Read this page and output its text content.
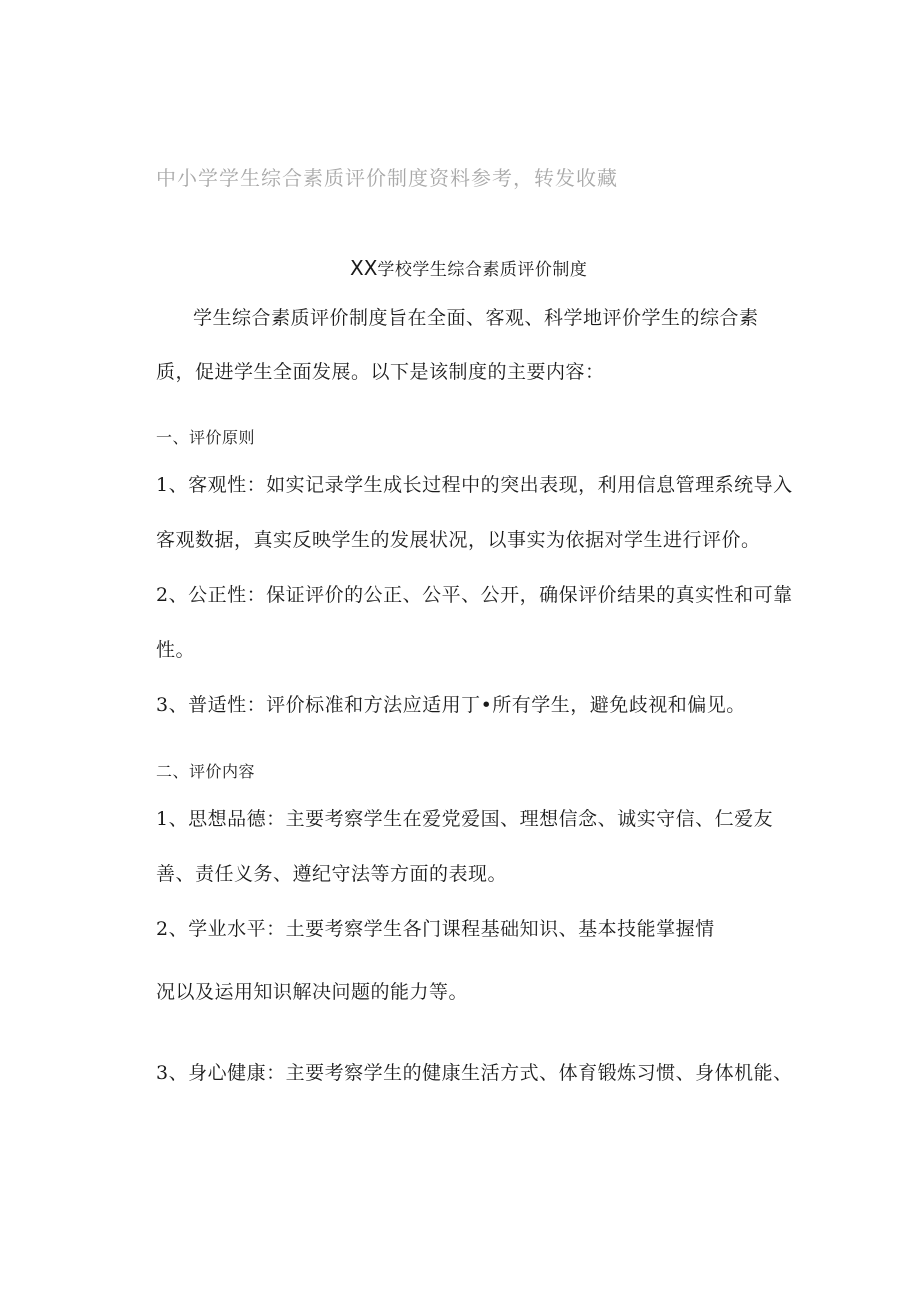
中小学学生综合素质评价制度资料参考，转发收藏
XX学校学生综合素质评价制度
学生综合素质评价制度旨在全面、客观、科学地评价学生的综合素
质，促进学生全面发展。以下是该制度的主要内容：
一、评价原则
1、客观性：如实记录学生成长过程中的突出表现，利用信息管理系统导入
客观数据，真实反映学生的发展状况，以事实为依据对学生进行评价。
2、公正性：保证评价的公正、公平、公开，确保评价结果的真实性和可靠
性。
3、普适性：评价标准和方法应适用丁•所有学生，避免歧视和偏见。
二、评价内容
1、思想品德：主要考察学生在爱党爱国、理想信念、诚实守信、仁爱友
善、责任义务、遵纪守法等方面的表现。
2、学业水平：土要考察学生各门课程基础知识、基本技能掌握情
况以及运用知识解决问题的能力等。
3、身心健康：主要考察学生的健康生活方式、体育锻炼习惯、身体机能、
